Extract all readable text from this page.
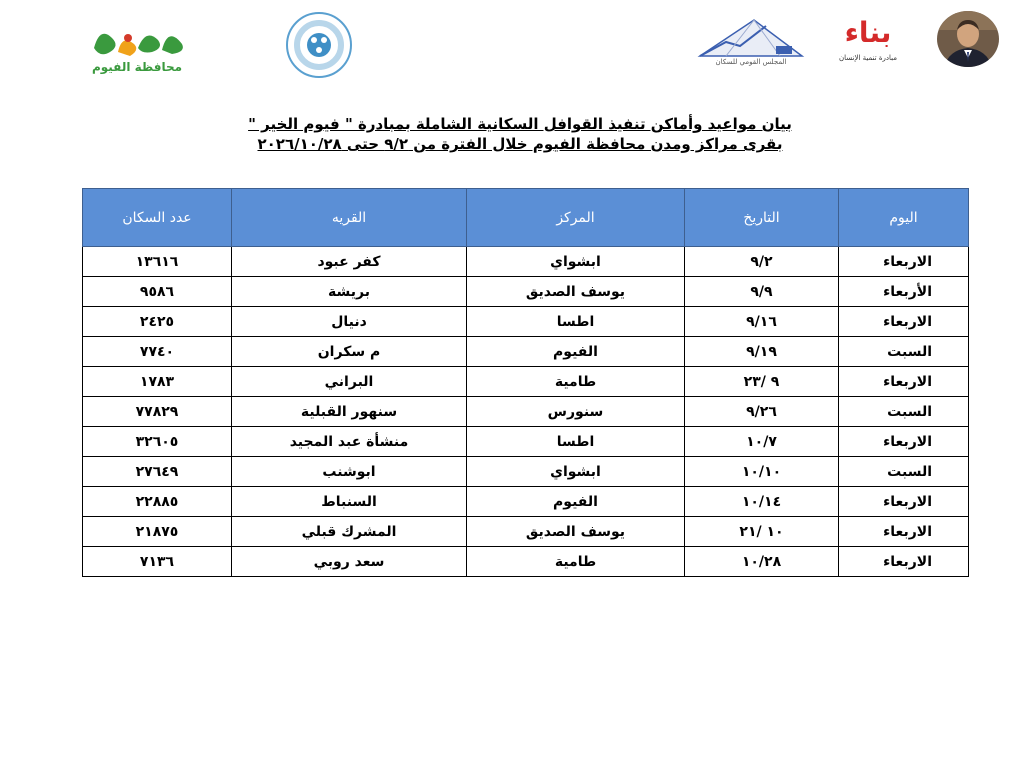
محافظة الفيوم	المجلس القومي للسكان
بناء
مبادرة تنمية الإنسان
بيان مواعيد وأماكن تنفيذ القوافل السكانية الشاملة بمبادرة " فيوم الخير "
بقرى مراكز ومدن محافظة الفيوم خلال الفترة من ٩/٢ حتى ٢٠٢٦/١٠/٢٨
اليوم	التاريخ	المركز	القريه	عدد السكان
الاربعاء	٩/٢	ابشواي	كفر عبود	١٣٦١٦
الأربعاء	٩/٩	يوسف الصديق	بريشة	٩٥٨٦
الاربعاء	٩/١٦	اطسا	دنيال	٢٤٢٥
السبت	٩/١٩	الفيوم	م سكران	٧٧٤٠
الاربعاء	٩ /٢٣	طامية	البراني	١٧٨٣
السبت	٩/٢٦	سنورس	سنهور القبلية	٧٧٨٢٩
الاربعاء	١٠/٧	اطسا	منشأة عبد المجيد	٣٢٦٠٥
السبت	١٠/١٠	ابشواي	ابوشنب	٢٧٦٤٩
الاربعاء	١٠/١٤	الفيوم	السنباط	٢٢٨٨٥
الاربعاء	١٠ /٢١	يوسف الصديق	المشرك قبلي	٢١٨٧٥
الاربعاء	١٠/٢٨	طامية	سعد روبي	٧١٣٦
